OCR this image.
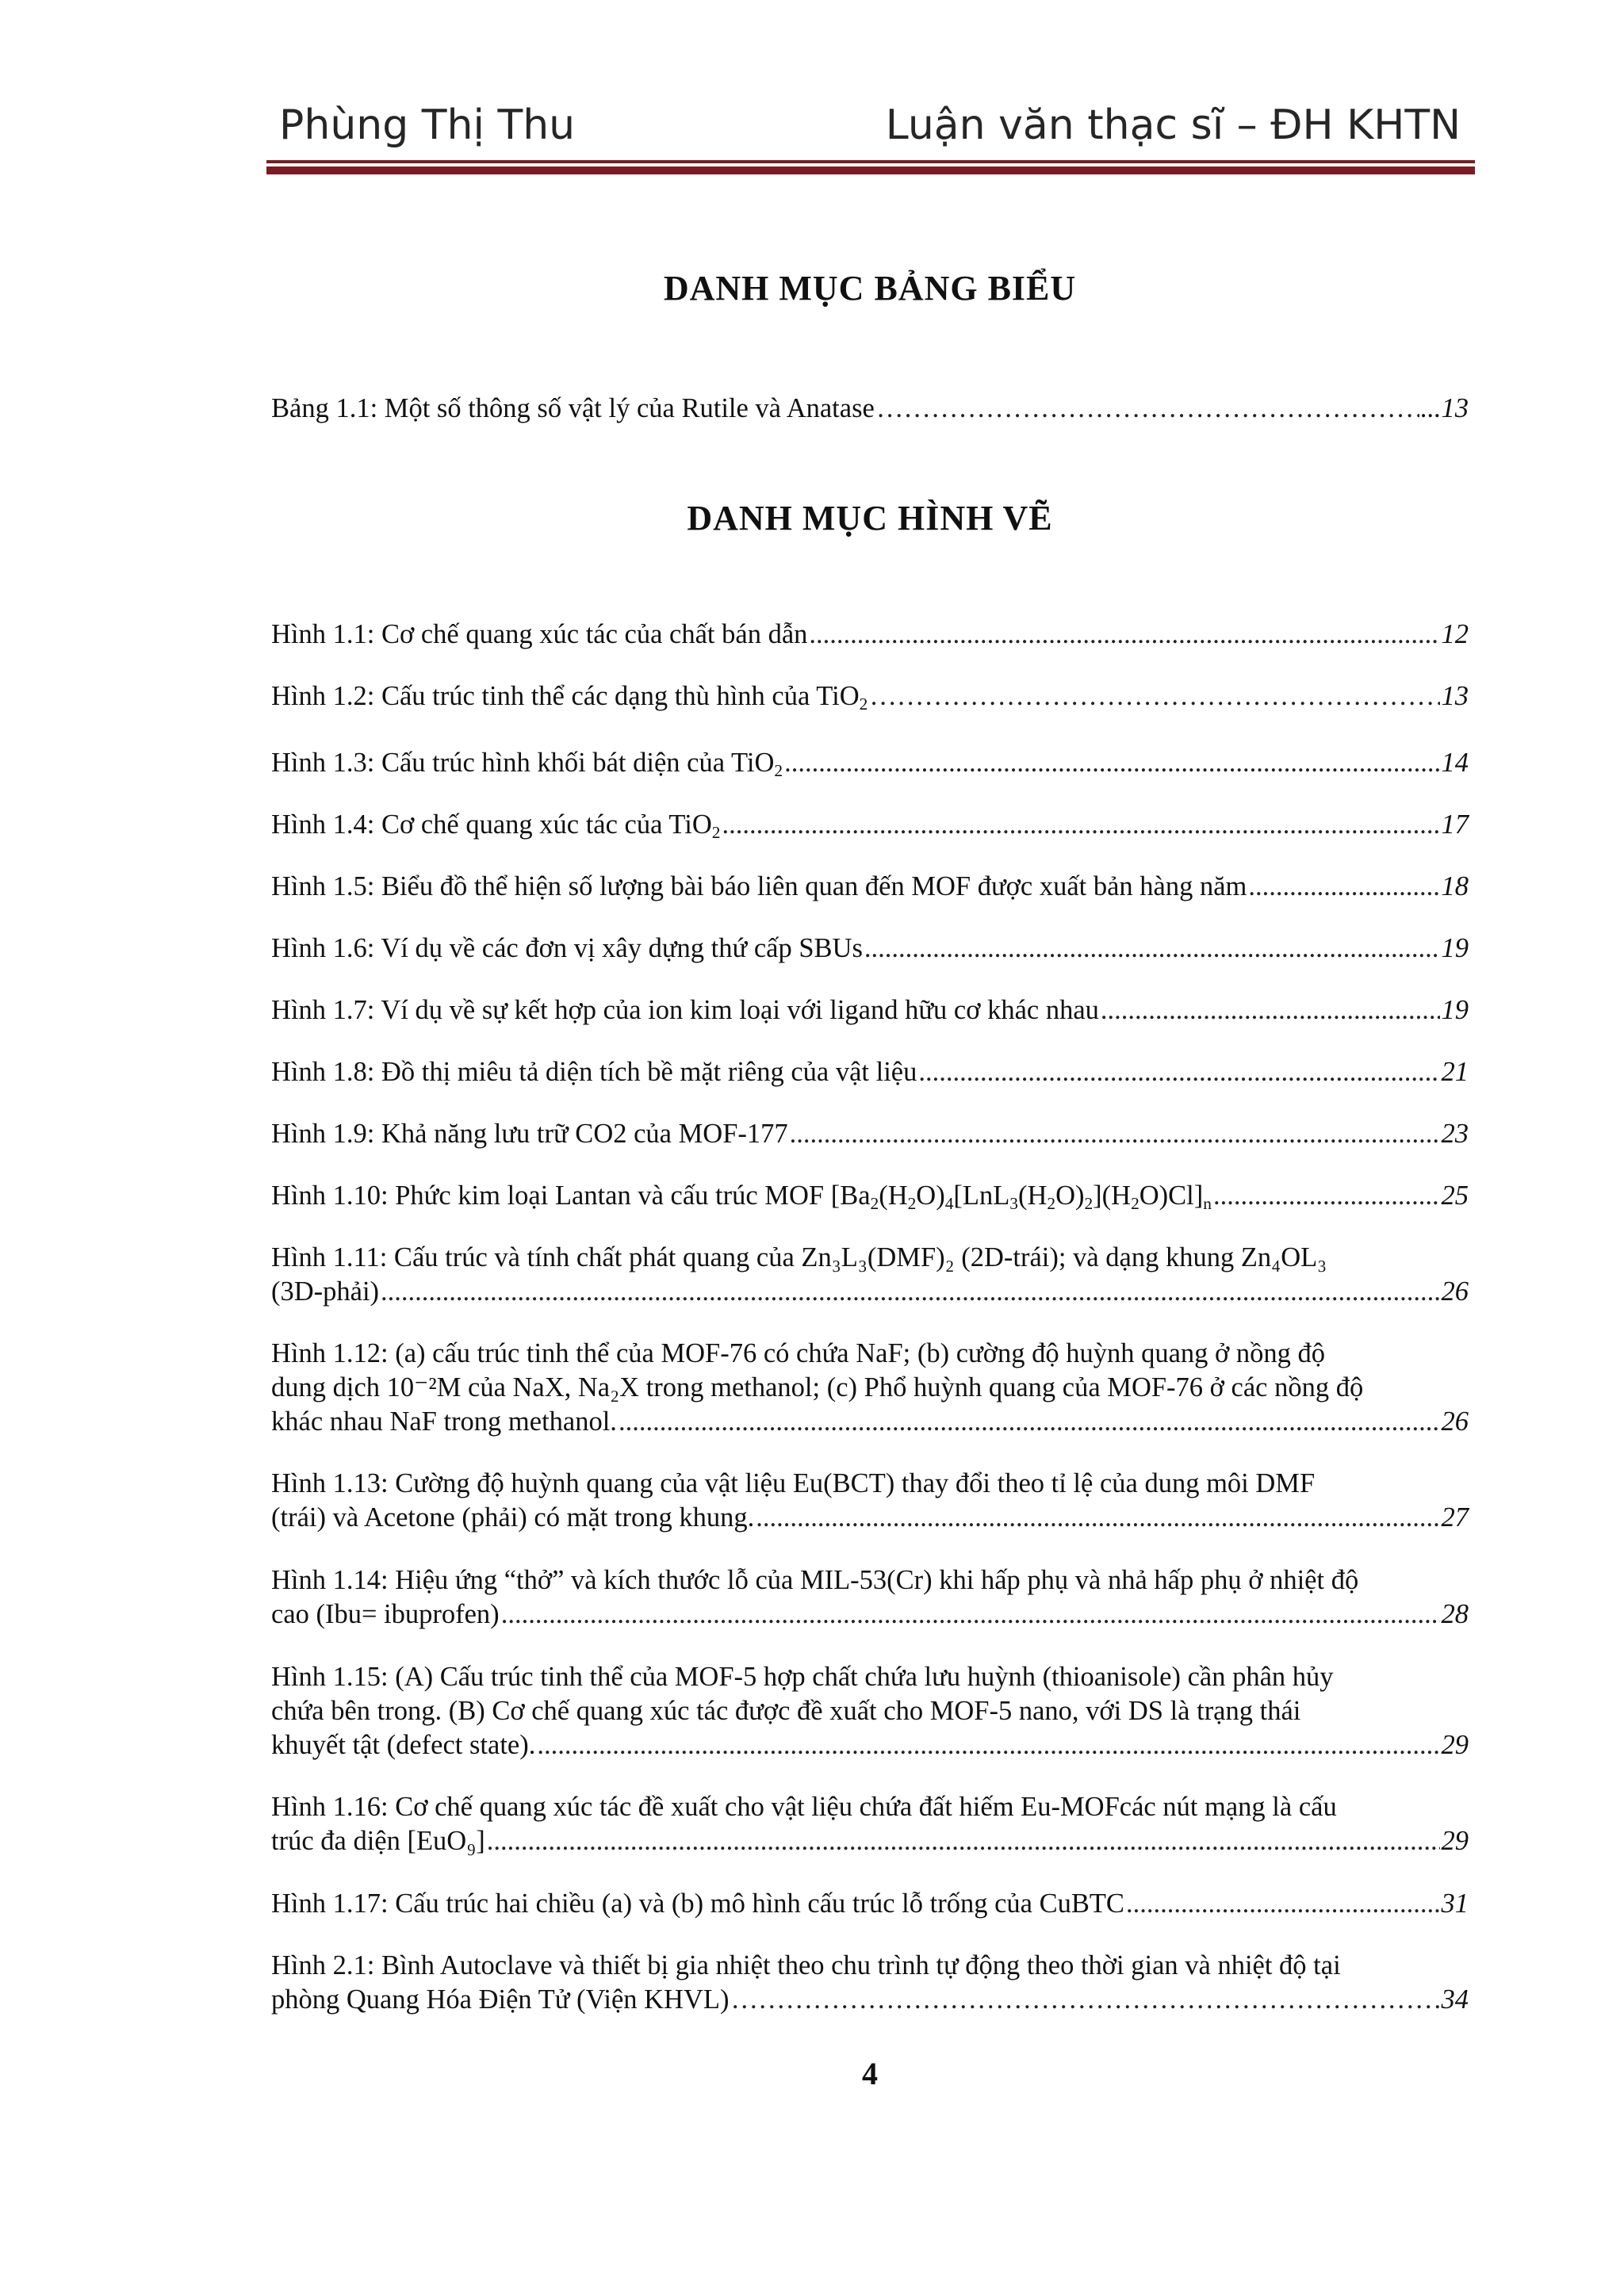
Phùng Thị Thu	Luận văn thạc sĩ – ĐH KHTN
DANH MỤC BẢNG BIỂU
Bảng 1.1: Một số thông số vật lý của Rutile và Anatase …………………………………………………………………………………………………………………………………………………………………………………………………………………	...13
DANH MỤC HÌNH VẼ
Hình 1.1: Cơ chế quang xúc tác của chất bán dẫn .....	12
Hình 1.2: Cấu trúc tinh thể các dạng thù hình của TiO$_2$ …………………………………………………………………………………………………………………………………………………………………………………………………………………	13
Hình 1.3: Cấu trúc hình khối bát diện của TiO$_2$ .....	14
Hình 1.4: Cơ chế quang xúc tác của TiO$_2$ .....	17
Hình 1.5: Biểu đồ thể hiện số lượng bài báo liên quan đến MOF được xuất bản hàng năm .....	18
Hình 1.6: Ví dụ về các đơn vị xây dựng thứ cấp SBUs .....	19
Hình 1.7: Ví dụ về sự kết hợp của ion kim loại với ligand hữu cơ khác nhau .....	19
Hình 1.8: Đồ thị miêu tả diện tích bề mặt riêng của vật liệu .....	21
Hình 1.9: Khả năng lưu trữ CO2 của MOF-177 .....	23
Hình 1.10: Phức kim loại Lantan và cấu trúc MOF $[Ba_2(H_2O)_4[LnL_3(H_2O)_2](H_2O)Cl]_n$ .....	25
Hình 1.11: Cấu trúc và tính chất phát quang của Zn₃L₃(DMF)₂ (2D-trái); và dạng khung Zn₄OL₃
(3D-phải) .....	26
Hình 1.12: (a) cấu trúc tinh thể của MOF-76 có chứa NaF; (b) cường độ huỳnh quang ở nồng độ
dung dịch 10⁻²M của NaX, Na₂X trong methanol; (c) Phổ huỳnh quang của MOF-76 ở các nồng độ
khác nhau NaF trong methanol. .....	26
Hình 1.13: Cường độ huỳnh quang của vật liệu Eu(BCT) thay đổi theo tỉ lệ của dung môi DMF
(trái) và Acetone (phải) có mặt trong khung. .....	27
Hình 1.14: Hiệu ứng “thở” và kích thước lỗ của MIL-53(Cr) khi hấp phụ và nhả hấp phụ ở nhiệt độ
cao (Ibu= ibuprofen) .....	28
Hình 1.15: (A) Cấu trúc tinh thể của MOF-5 hợp chất chứa lưu huỳnh (thioanisole) cần phân hủy
chứa bên trong. (B) Cơ chế quang xúc tác được đề xuất cho MOF-5 nano, với DS là trạng thái
khuyết tật (defect state). .....	29
Hình 1.16: Cơ chế quang xúc tác đề xuất cho vật liệu chứa đất hiếm Eu-MOFcác nút mạng là cấu
trúc đa diện [EuO₉] .....	29
Hình 1.17: Cấu trúc hai chiều (a) và (b) mô hình cấu trúc lỗ trống của CuBTC .....	31
Hình 2.1: Bình Autoclave và thiết bị gia nhiệt theo chu trình tự động theo thời gian và nhiệt độ tại
phòng Quang Hóa Điện Tử (Viện KHVL) …………………………………………………………………………………………………………………………………………………………………………………………………………………	34
4
